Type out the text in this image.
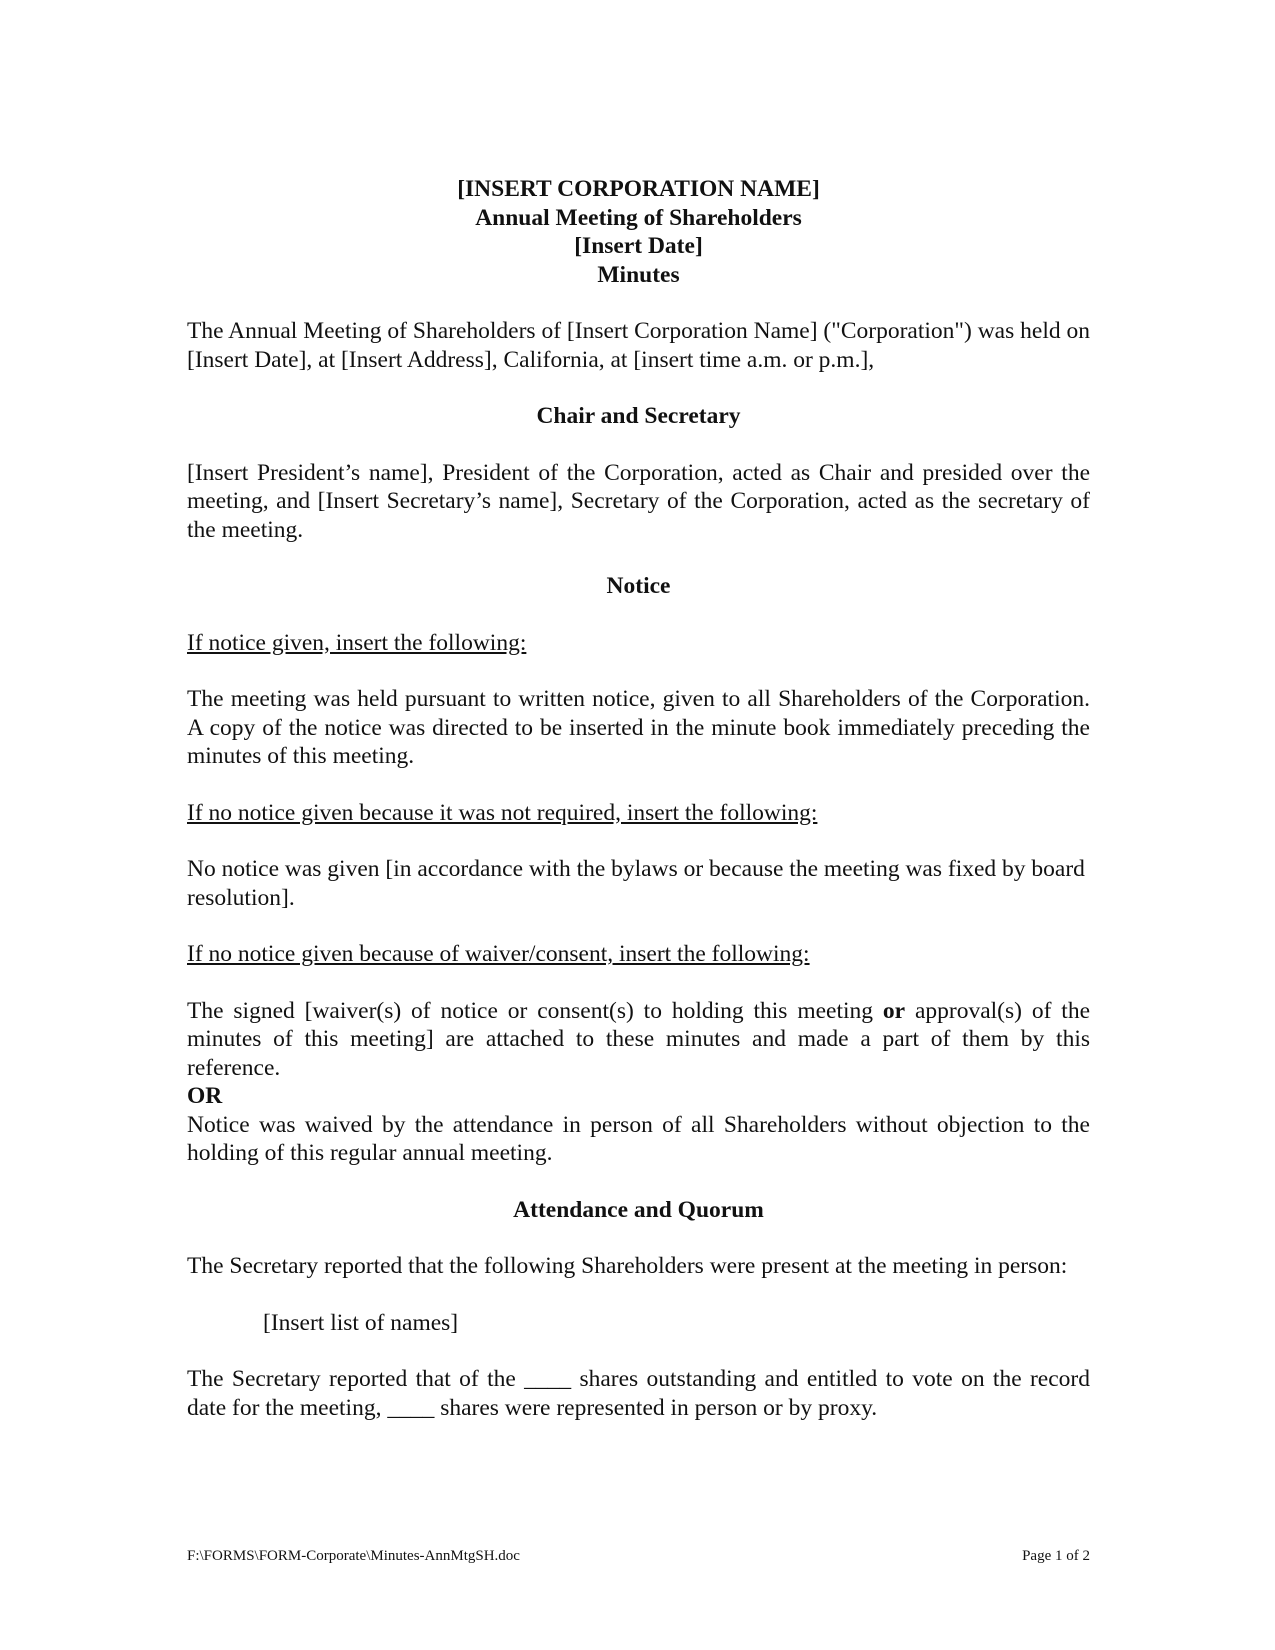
[INSERT CORPORATION NAME]
Annual Meeting of Shareholders
[Insert Date]
Minutes

The Annual Meeting of Shareholders of [Insert Corporation Name] ("Corporation") was held on [Insert Date], at [Insert Address], California, at [insert time a.m. or p.m.],

Chair and Secretary

[Insert President’s name], President of the Corporation, acted as Chair and presided over the meeting, and [Insert Secretary’s name], Secretary of the Corporation, acted as the secretary of the meeting.

Notice
If notice given, insert the following:

The meeting was held pursuant to written notice, given to all Shareholders of the Corporation. A copy of the notice was directed to be inserted in the minute book immediately preceding the minutes of this meeting.

If no notice given because it was not required, insert the following:

No notice was given [in accordance with the bylaws or because the meeting was fixed by board resolution].

If no notice given because of waiver/consent, insert the following:

The signed [waiver(s) of notice or consent(s) to holding this meeting or approval(s) of the minutes of this meeting] are attached to these minutes and made a part of them by this reference.

OR

Notice was waived by the attendance in person of all Shareholders without objection to the holding of this regular annual meeting.

Attendance and Quorum

The Secretary reported that the following Shareholders were present at the meeting in person:

[Insert list of names]

The Secretary reported that of the ____ shares outstanding and entitled to vote on the record date for the meeting, ____ shares were represented in person or by proxy.

F:\FORMS\FORM-Corporate\Minutes-AnnMtgSH.doc	Page 1 of 2
